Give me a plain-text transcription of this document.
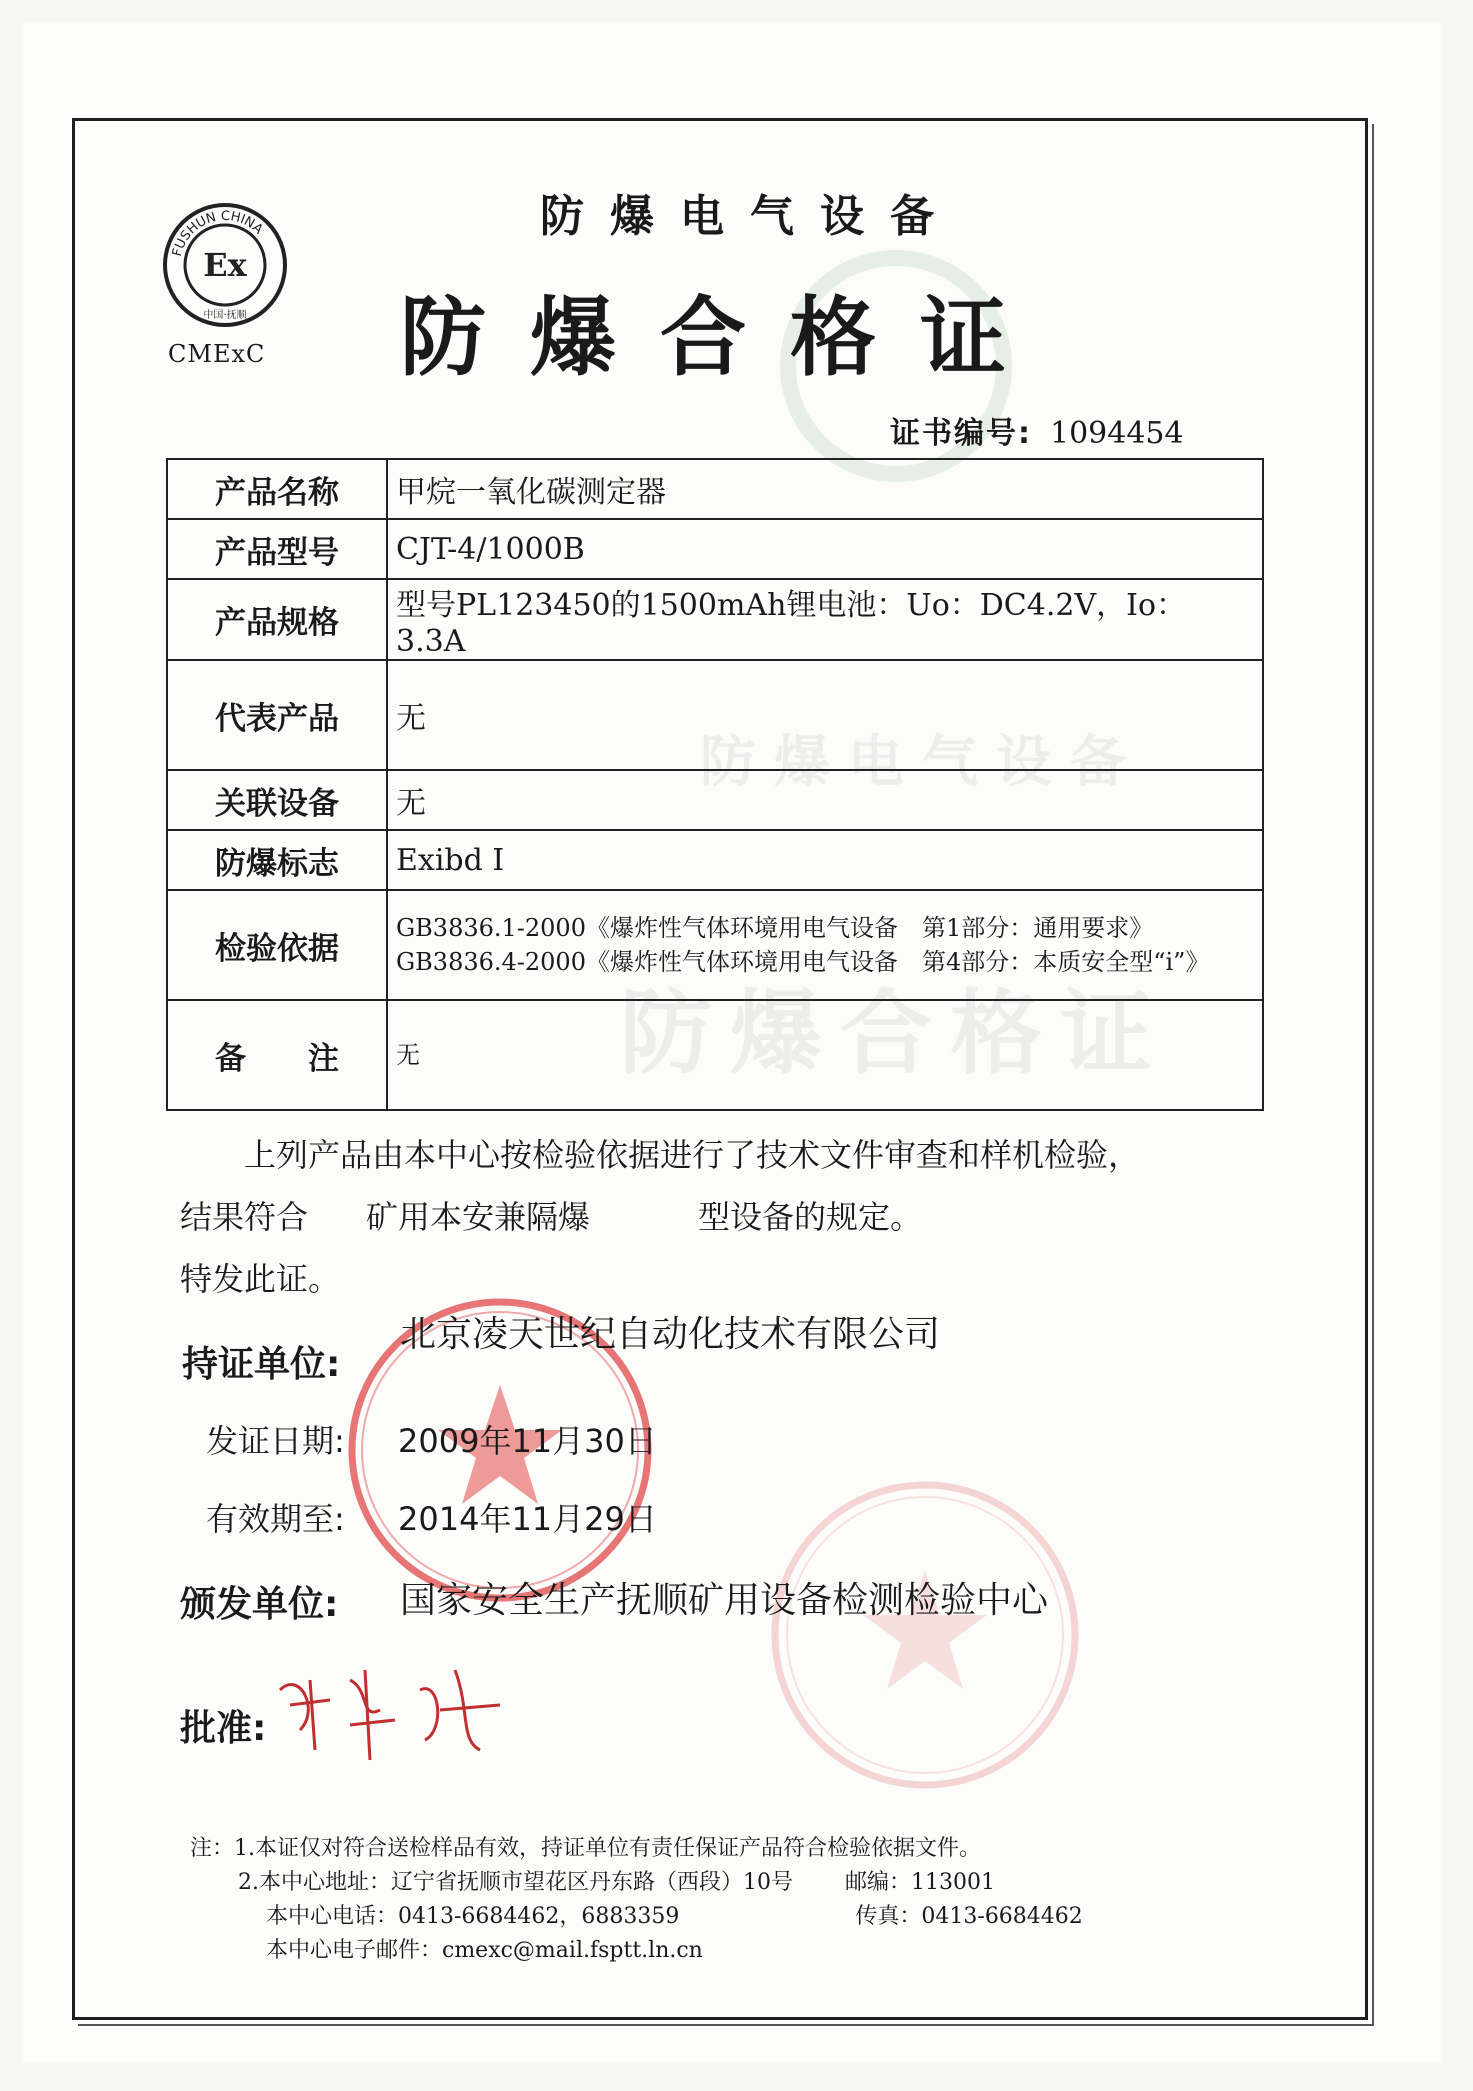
防爆电气设备
防爆合格证
FUSHUN CHINA
Ex
中国·抚顺
CMExC
防爆电气设备
防爆合格证
证书编号: 1094454
产品名称	甲烷一氧化碳测定器
产品型号	CJT-4/1000B
产品规格	型号PL123450的1500mAh锂电池：Uo：DC4.2V，Io：3.3A
代表产品	无
关联设备	无
防爆标志	Exibd Ⅰ
检验依据	GB3836.1-2000《爆炸性气体环境用电气设备　第1部分：通用要求》
GB3836.4-2000《爆炸性气体环境用电气设备　第4部分：本质安全型“i”》

备　　注	无
上列产品由本中心按检验依据进行了技术文件审查和样机检验，
结果符合 矿用本安兼隔爆	型设备的规定。
特发此证。
持证单位:
北京凌天世纪自动化技术有限公司
发证日期: 2009年11月30日
有效期至: 2014年11月29日
颁发单位: 国家安全生产抚顺矿用设备检测检验中心
批准:
注：1.本证仅对符合送检样品有效，持证单位有责任保证产品符合检验依据文件。
2.本中心地址：辽宁省抚顺市望花区丹东路（西段）10号 邮编：113001
本中心电话：0413-6684462，6883359	传真：0413-6684462
本中心电子邮件：cmexc@mail.fsptt.ln.cn
